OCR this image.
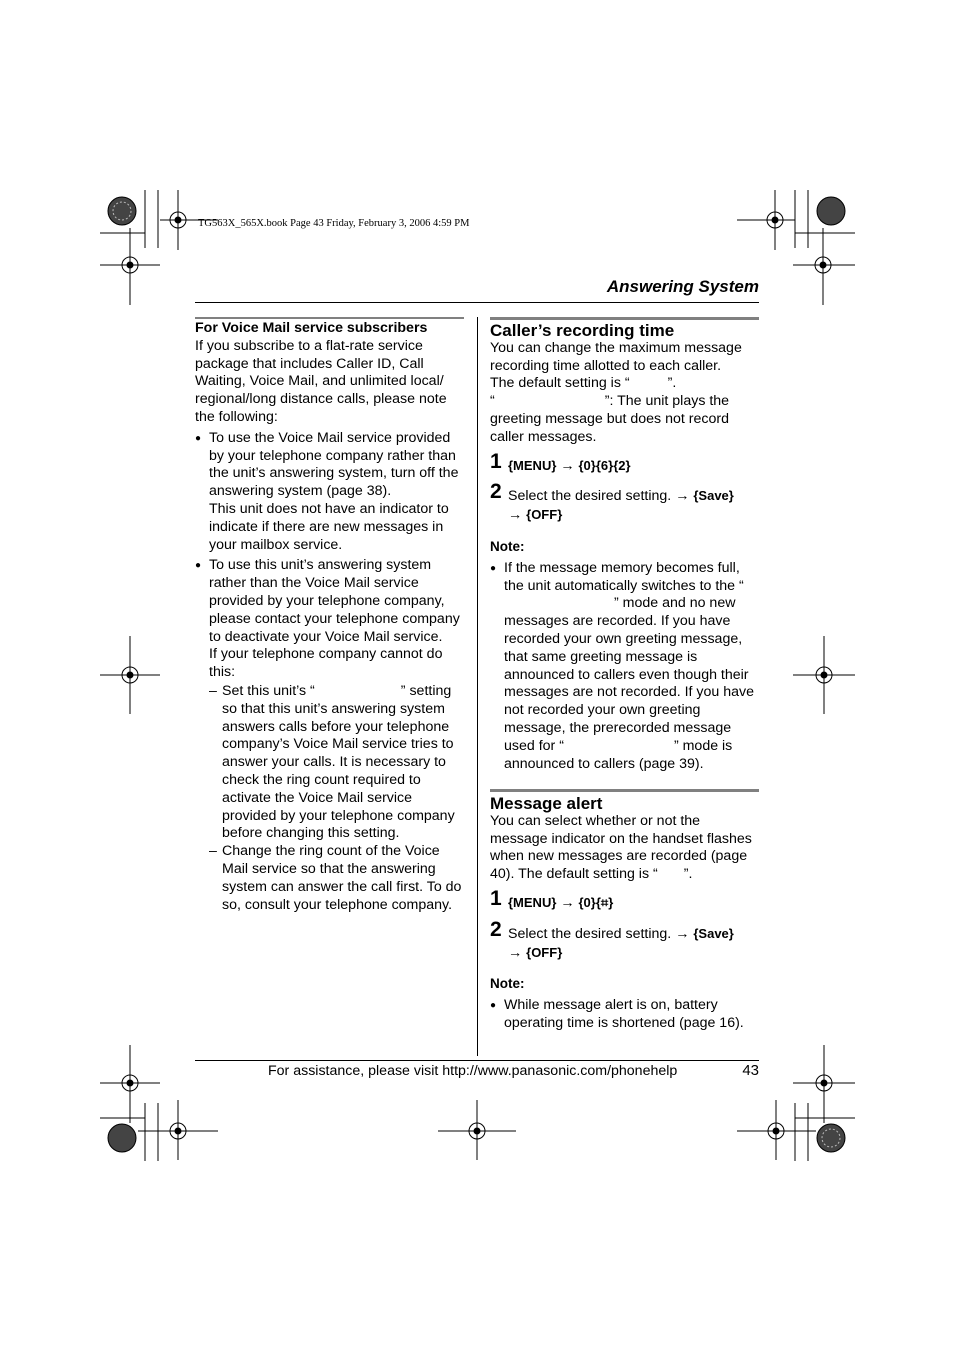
TG563X_565X.book Page 43 Friday, February 3, 2006 4:59 PM
Answering System

For Voice Mail service subscribers

If you subscribe to a flat-rate service package that includes Caller ID, Call Waiting, Voice Mail, and unlimited local/ regional/long distance calls, please note the following:

● To use the Voice Mail service provided by your telephone company rather than the unit’s answering system, turn off the answering system (page 38).

This unit does not have an indicator to indicate if there are new messages in your mailbox service.

● To use this unit’s answering system rather than the Voice Mail service provided by your telephone company, please contact your telephone company to deactivate your Voice Mail service.

If your telephone company cannot do this:

– Set this unit’s “	” setting so that this unit’s answering system answers calls before your telephone company’s Voice Mail service tries to answer your calls. It is necessary to check the ring count required to activate the Voice Mail service provided by your telephone company before changing this setting.
– Change the ring count of the Voice Mail service so that the answering system can answer the call first. To do so, consult your telephone company.

Caller’s recording time

You can change the maximum message recording time allotted to each caller.

The default setting is “	”.

“	”: The unit plays the greeting message but does not record caller messages.

1 {MENU} → {0}{6}{2}
2 Select the desired setting. → {Save}
→ {OFF}

Note:

● If the message memory becomes full, the unit automatically switches to the “” mode and no new messages are recorded. If you have recorded your own greeting message, that same greeting message is announced to callers even though their messages are not recorded. If you have not recorded your own greeting message, the prerecorded message used for “	” mode is announced to callers (page 39).

Message alert

You can select whether or not the message indicator on the handset flashes when new messages are recorded (page 40). The default setting is “ ”.

1 {MENU} → {0}{⌗}
2 Select the desired setting. → {Save}
→ {OFF}

Note:

● While message alert is on, battery operating time is shortened (page 16).
For assistance, please visit http://www.panasonic.com/phonehelp	43
